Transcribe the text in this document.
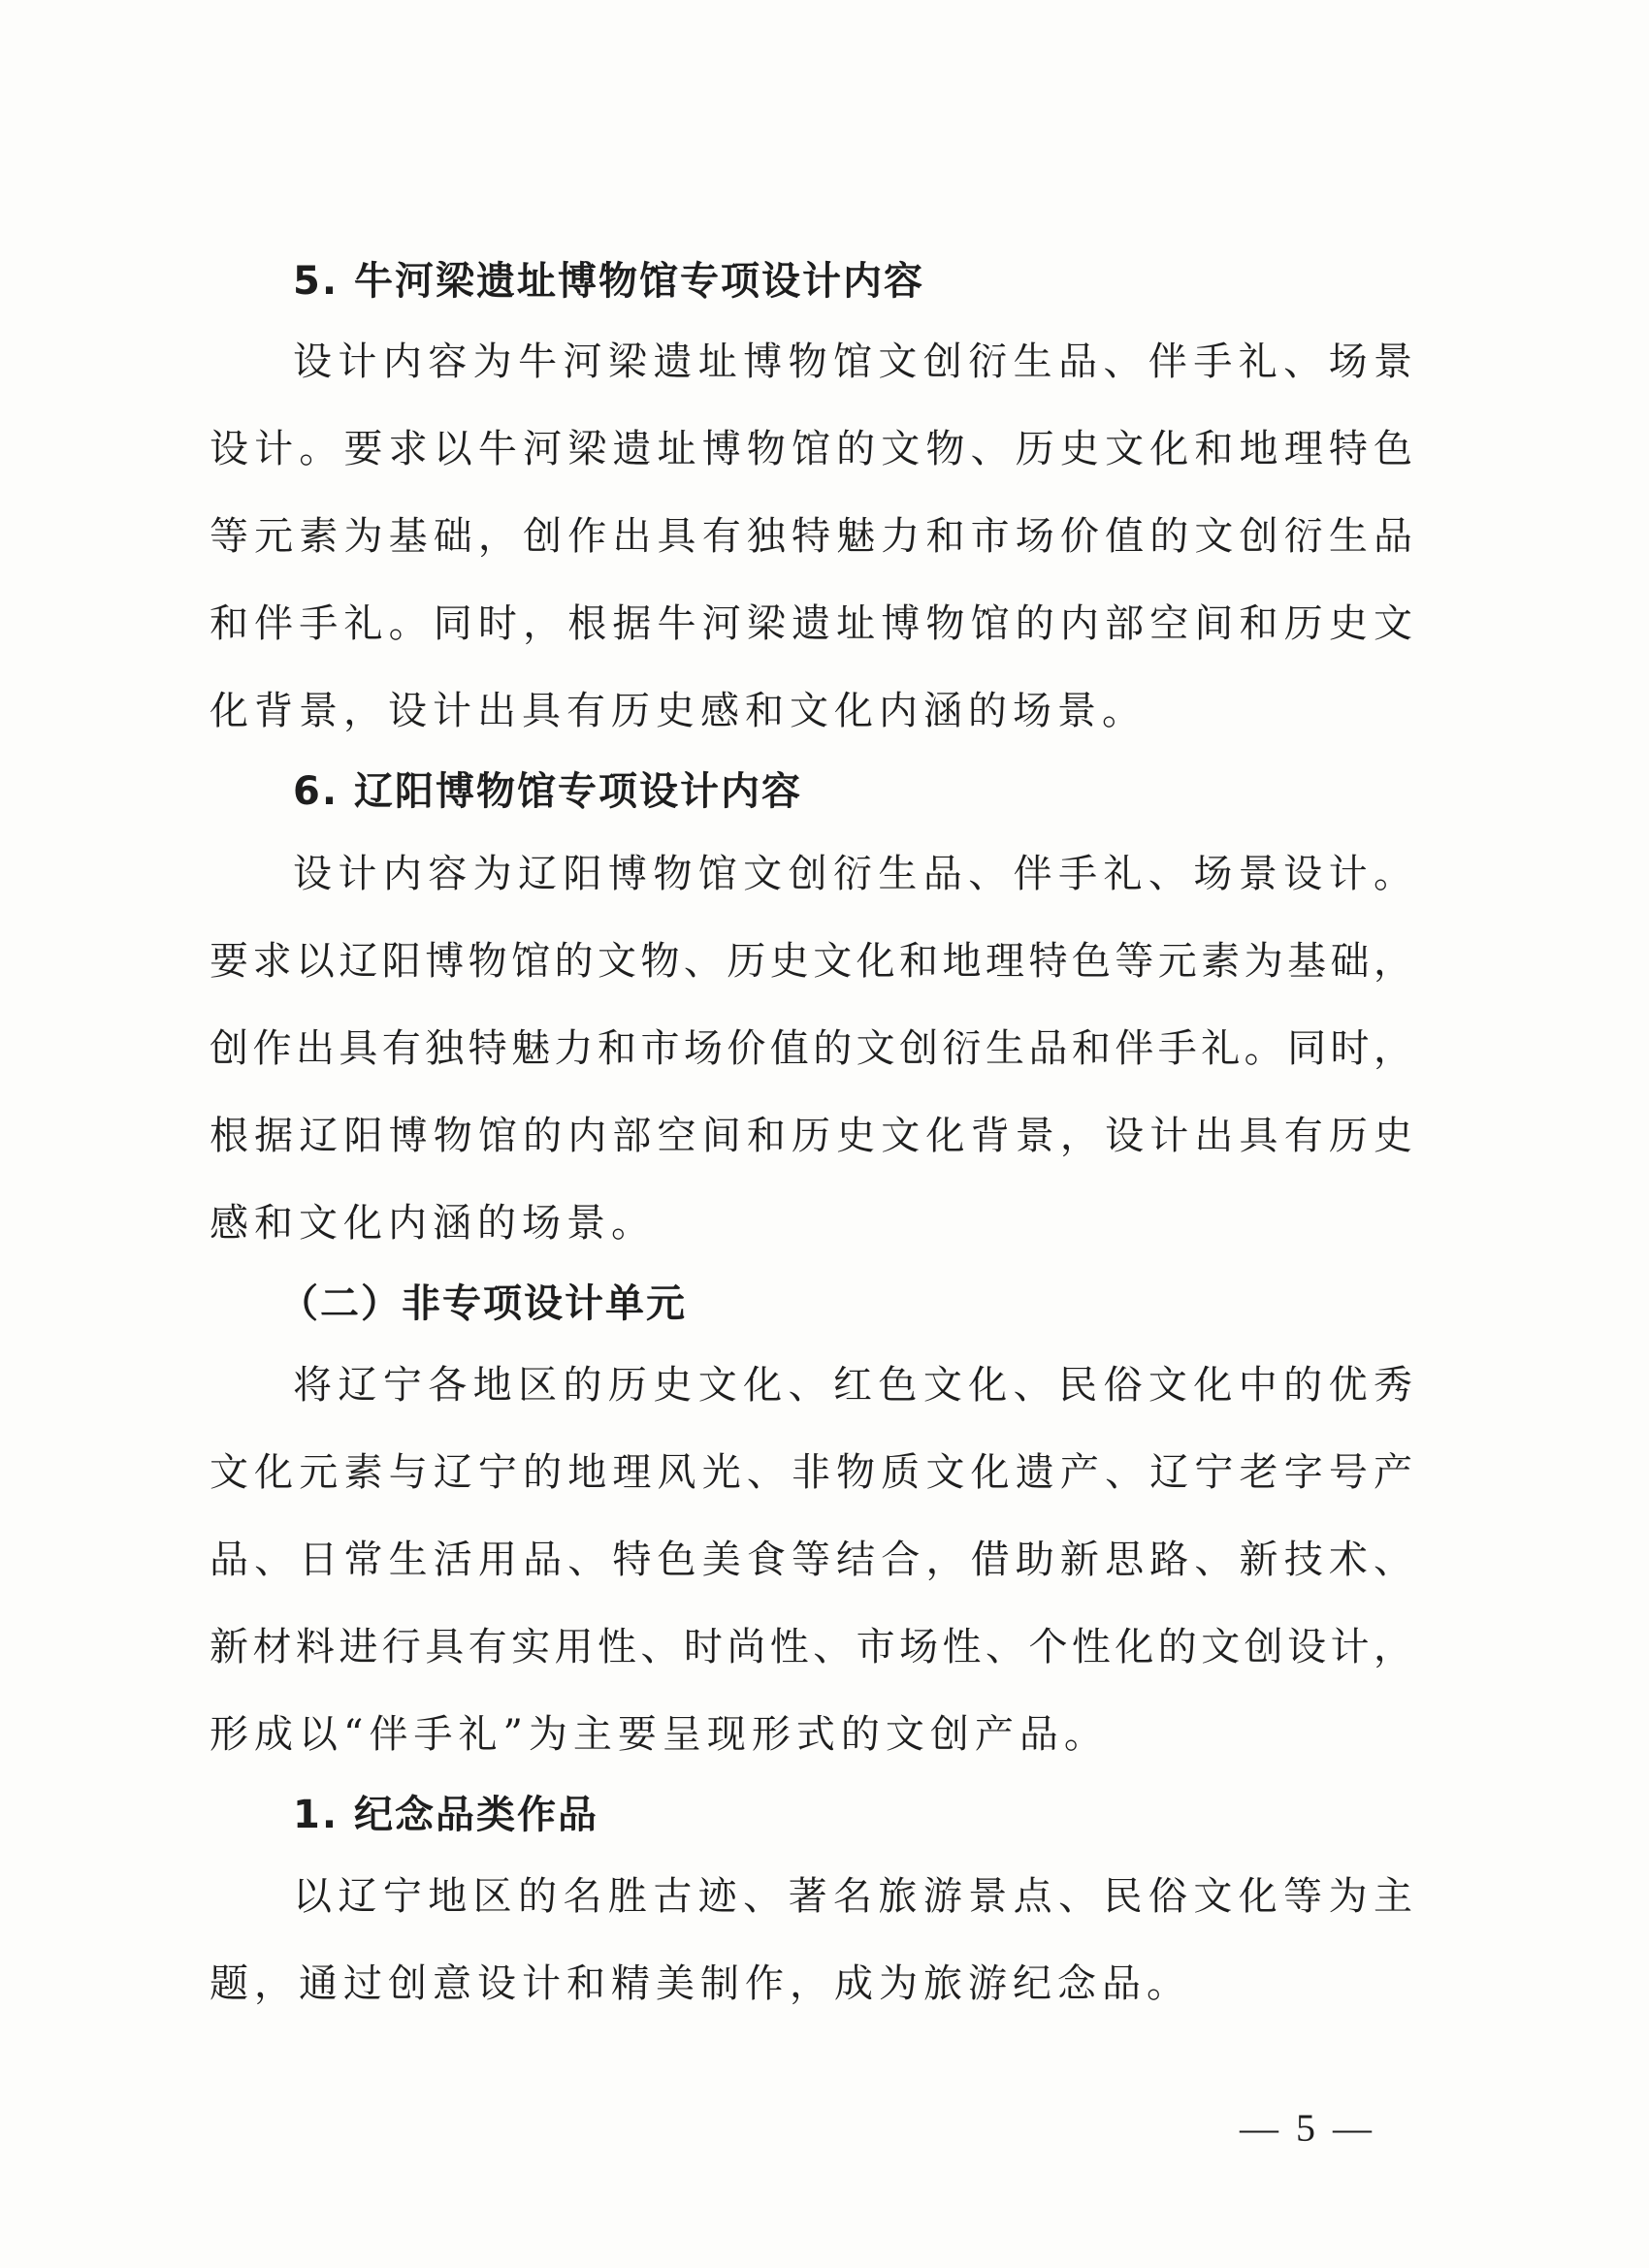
5. 牛河梁遗址博物馆专项设计内容

设计内容为牛河梁遗址博物馆文创衍生品、伴手礼、场景

设计。要求以牛河梁遗址博物馆的文物、历史文化和地理特色

等元素为基础，创作出具有独特魅力和市场价值的文创衍生品

和伴手礼。同时，根据牛河梁遗址博物馆的内部空间和历史文

化背景，设计出具有历史感和文化内涵的场景。

6. 辽阳博物馆专项设计内容

设计内容为辽阳博物馆文创衍生品、伴手礼、场景设计。

要求以辽阳博物馆的文物、历史文化和地理特色等元素为基础，

创作出具有独特魅力和市场价值的文创衍生品和伴手礼。同时，

根据辽阳博物馆的内部空间和历史文化背景，设计出具有历史

感和文化内涵的场景。

（二）非专项设计单元

将辽宁各地区的历史文化、红色文化、民俗文化中的优秀

文化元素与辽宁的地理风光、非物质文化遗产、辽宁老字号产

品、日常生活用品、特色美食等结合，借助新思路、新技术、

新材料进行具有实用性、时尚性、市场性、个性化的文创设计，

形成以“伴手礼”为主要呈现形式的文创产品。

1. 纪念品类作品

以辽宁地区的名胜古迹、著名旅游景点、民俗文化等为主

题，通过创意设计和精美制作，成为旅游纪念品。

— 5 —
